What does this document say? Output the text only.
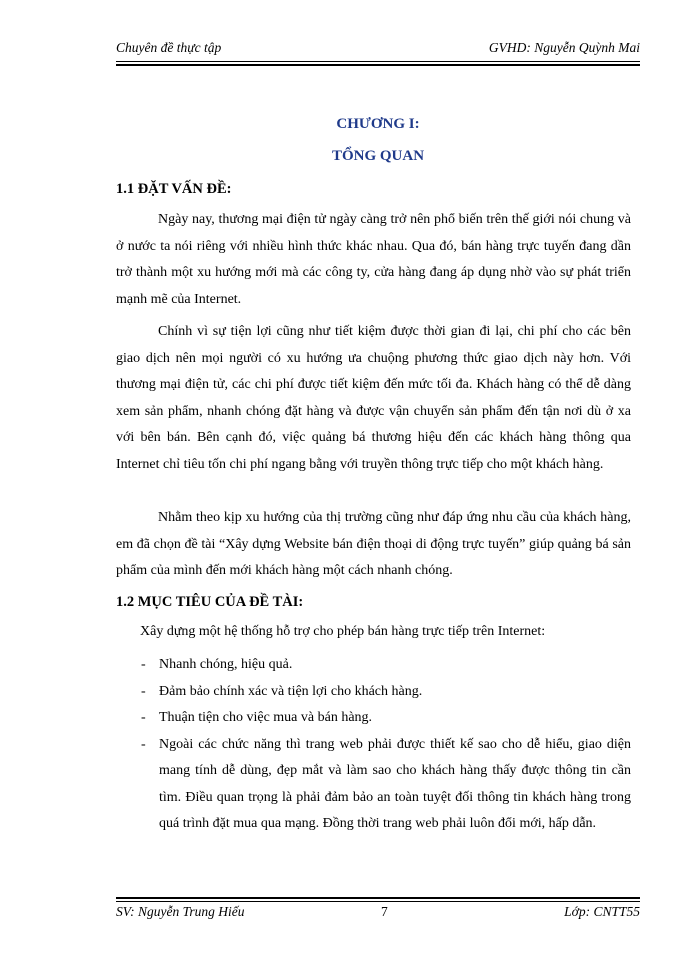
Chuyên đề thực tập	GVHD: Nguyễn Quỳnh Mai
CHƯƠNG I:
TỔNG QUAN
1.1 ĐẶT VẤN ĐỀ:

Ngày nay, thương mại điện tử ngày càng trở nên phổ biến trên thế giới nói chung và ở nước ta nói riêng với nhiều hình thức khác nhau. Qua đó, bán hàng trực tuyến đang dần trở thành một xu hướng mới mà các công ty, cửa hàng đang áp dụng nhờ vào sự phát triển mạnh mẽ của Internet.

Chính vì sự tiện lợi cũng như tiết kiệm được thời gian đi lại, chi phí cho các bên giao dịch nên mọi người có xu hướng ưa chuộng phương thức giao dịch này hơn. Với thương mại điện tử, các chi phí được tiết kiệm đến mức tối đa. Khách hàng có thể dễ dàng xem sản phẩm, nhanh chóng đặt hàng và được vận chuyển sản phẩm đến tận nơi dù ở xa với bên bán. Bên cạnh đó, việc quảng bá thương hiệu đến các khách hàng thông qua Internet chỉ tiêu tốn chi phí ngang bằng với truyền thông trực tiếp cho một khách hàng.

Nhằm theo kịp xu hướng của thị trường cũng như đáp ứng nhu cầu của khách hàng, em đã chọn đề tài “Xây dựng Website bán điện thoại di động trực tuyến” giúp quảng bá sản phẩm của mình đến mới khách hàng một cách nhanh chóng.

1.2 MỤC TIÊU CỦA ĐỀ TÀI:
Xây dựng một hệ thống hỗ trợ cho phép bán hàng trực tiếp trên Internet:
- Nhanh chóng, hiệu quả.
- Đảm bảo chính xác và tiện lợi cho khách hàng.
- Thuận tiện cho việc mua và bán hàng.
- Ngoài các chức năng thì trang web phải được thiết kế sao cho dễ hiểu, giao diện mang tính dễ dùng, đẹp mắt và làm sao cho khách hàng thấy được thông tin cần tìm. Điều quan trọng là phải đảm bảo an toàn tuyệt đối thông tin khách hàng trong quá trình đặt mua qua mạng. Đồng thời trang web phải luôn đổi mới, hấp dẫn.
SV: Nguyễn Trung Hiếu	7	Lớp: CNTT55
